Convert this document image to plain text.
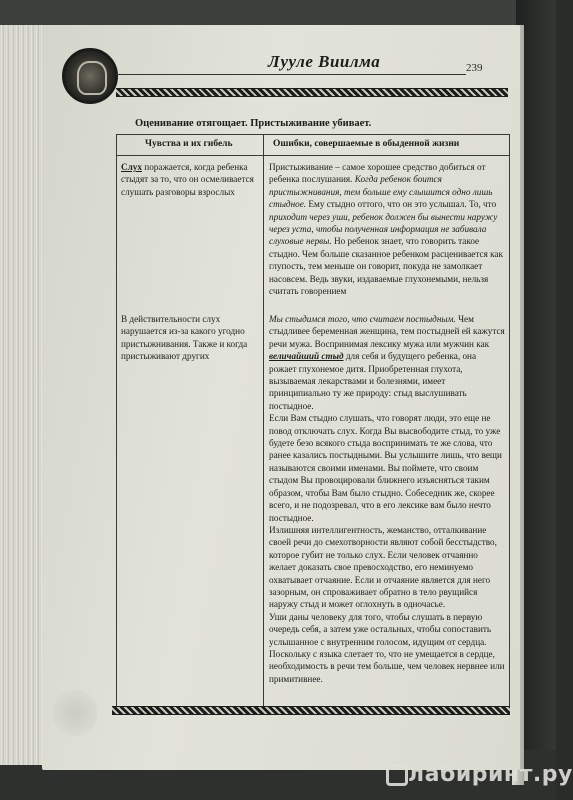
Лууле Виилма	239
Оценивание отягощает. Пристыживание убивает.
Чувства и их гибель	Ошибки, совершаемые в обыденной жизни
Слух поражается, когда ребенка стыдят за то, что он осмеливается слушать разговоры взрослых
В действительности слух нарушается из-за какого угодно пристыжнивания. Также и когда пристыживают других
Пристыживание – самое хорошее средство добиться от ребенка послушания. Когда ребенок боится пристыжнивания, тем больше ему слышится одно лишь стыдное. Ему стыдно оттого, что он это услышал. То, что приходит через уши, ребенок должен бы вынести наружу через уста, чтобы полученная информация не забивала слуховые нервы. Но ребенок знает, что говорить такое стыдно. Чем больше сказанное ребенком расценивается как глупость, тем меньше он говорит, покуда не замолкает насовсем. Ведь звуки, издаваемые глухонемыми, нельзя считать говорением
Мы стыдимся того, что считаем постыдным. Чем стыдливее беременная женщина, тем постыдней ей кажутся речи мужа. Воспринимая лексику мужа или мужчин как величайший стыд для себя и будущего ребенка, она рожает глухонемое дитя. Приобретенная глухота, вызываемая лекарствами и болезнями, имеет принципиально ту же природу: стыд выслушивать постыдное.
Если Вам стыдно слушать, что говорят люди, это еще не повод отключать слух. Когда Вы высвободите стыд, то уже будете безо всякого стыда воспринимать те же слова, что ранее казались постыдными. Вы услышите лишь, что вещи называются своими именами. Вы поймете, что своим стыдом Вы провоцировали ближнего изъясняться таким образом, чтобы Вам было стыдно. Собеседник же, скорее всего, и не подозревал, что в его лексике вам было нечто постыдное.
Излишняя интеллигентность, жеманство, отталкивание своей речи до смехотворности являют собой бесстыдство, которое губит не только слух. Если человек отчаянно желает доказать свое превосходство, его неминуемо охватывает отчаяние. Если и отчаяние является для него зазорным, он спроваживает обратно в тело рвущийся наружу стыд и может оглохнуть в одночасье.
Уши даны человеку для того, чтобы слушать в первую очередь себя, а затем уже остальных, чтобы сопоставить услышанное с внутренним голосом, идущим от сердца. Поскольку с языка слетает то, что не умещается в сердце, необходимость в речи тем больше, чем человек нервнее или примитивнее.
лабиринт.ру
